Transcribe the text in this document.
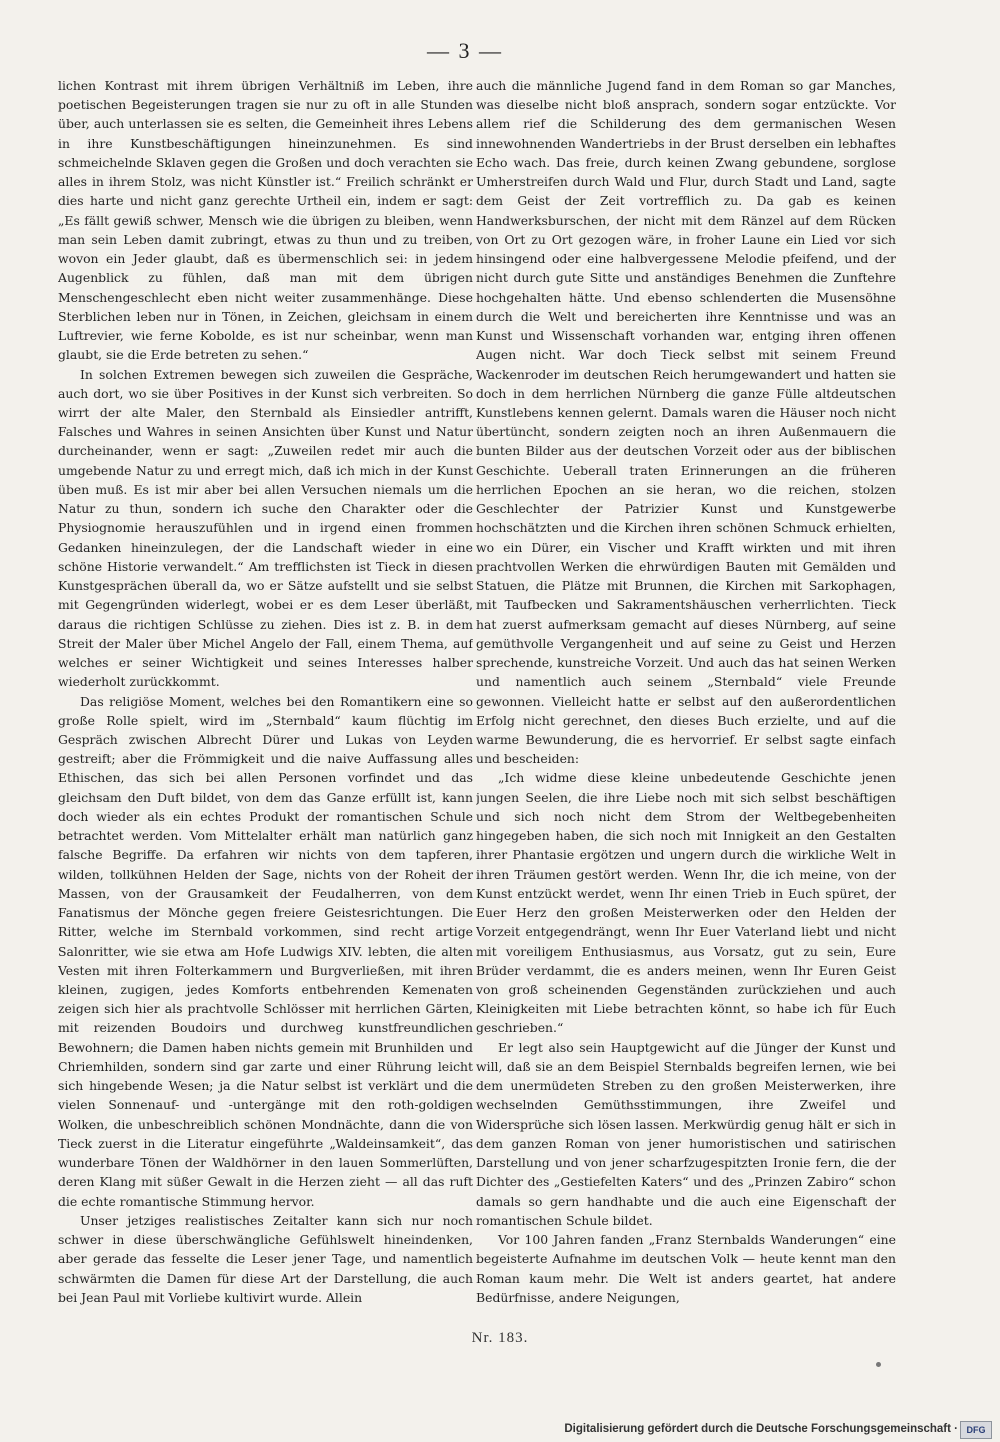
— 3 —

lichen Kontrast mit ihrem übrigen Verhältniß im Leben, ihre poetischen Begeisterungen tragen sie nur zu oft in alle Stunden über, auch unterlassen sie es selten, die Gemeinheit ihres Lebens in ihre Kunstbeschäftigungen hineinzunehmen. Es sind schmeichelnde Sklaven gegen die Großen und doch verachten sie alles in ihrem Stolz, was nicht Künstler ist.“ Freilich schränkt er dies harte und nicht ganz gerechte Urtheil ein, indem er sagt: „Es fällt gewiß schwer, Mensch wie die übrigen zu bleiben, wenn man sein Leben damit zubringt, etwas zu thun und zu treiben, wovon ein Jeder glaubt, daß es übermenschlich sei: in jedem Augenblick zu fühlen, daß man mit dem übrigen Menschengeschlecht eben nicht weiter zusammenhänge. Diese Sterblichen leben nur in Tönen, in Zeichen, gleichsam in einem Luftrevier, wie ferne Kobolde, es ist nur scheinbar, wenn man glaubt, sie die Erde betreten zu sehen.“

In solchen Extremen bewegen sich zuweilen die Gespräche, auch dort, wo sie über Positives in der Kunst sich verbreiten. So wirrt der alte Maler, den Sternbald als Einsiedler antrifft, Falsches und Wahres in seinen Ansichten über Kunst und Natur durcheinander, wenn er sagt: „Zuweilen redet mir auch die umgebende Natur zu und erregt mich, daß ich mich in der Kunst üben muß. Es ist mir aber bei allen Versuchen niemals um die Natur zu thun, sondern ich suche den Charakter oder die Physiognomie herauszufühlen und in irgend einen frommen Gedanken hineinzulegen, der die Landschaft wieder in eine schöne Historie verwandelt.“ Am trefflichsten ist Tieck in diesen Kunstgesprächen überall da, wo er Sätze aufstellt und sie selbst mit Gegengründen widerlegt, wobei er es dem Leser überläßt, daraus die richtigen Schlüsse zu ziehen. Dies ist z. B. in dem Streit der Maler über Michel Angelo der Fall, einem Thema, auf welches er seiner Wichtigkeit und seines Interesses halber wiederholt zurückkommt.

Das religiöse Moment, welches bei den Romantikern eine so große Rolle spielt, wird im „Sternbald“ kaum flüchtig im Gespräch zwischen Albrecht Dürer und Lukas von Leyden gestreift; aber die Frömmigkeit und die naive Auffassung alles Ethischen, das sich bei allen Personen vorfindet und das gleichsam den Duft bildet, von dem das Ganze erfüllt ist, kann doch wieder als ein echtes Produkt der romantischen Schule betrachtet werden. Vom Mittelalter erhält man natürlich ganz falsche Begriffe. Da erfahren wir nichts von dem tapferen, wilden, tollkühnen Helden der Sage, nichts von der Roheit der Massen, von der Grausamkeit der Feudalherren, von dem Fanatismus der Mönche gegen freiere Geistesrichtungen. Die Ritter, welche im Sternbald vorkommen, sind recht artige Salonritter, wie sie etwa am Hofe Ludwigs XIV. lebten, die alten Vesten mit ihren Folterkammern und Burgverließen, mit ihren kleinen, zugigen, jedes Komforts entbehrenden Kemenaten zeigen sich hier als prachtvolle Schlösser mit herrlichen Gärten, mit reizenden Boudoirs und durchweg kunstfreundlichen Bewohnern; die Damen haben nichts gemein mit Brunhilden und Chriemhilden, sondern sind gar zarte und einer Rührung leicht sich hingebende Wesen; ja die Natur selbst ist verklärt und die vielen Sonnenauf- und -untergänge mit den roth-goldigen Wolken, die unbeschreiblich schönen Mondnächte, dann die von Tieck zuerst in die Literatur eingeführte „Waldeinsamkeit“, das wunderbare Tönen der Waldhörner in den lauen Sommerlüften, deren Klang mit süßer Gewalt in die Herzen zieht — all das ruft die echte romantische Stimmung hervor.

Unser jetziges realistisches Zeitalter kann sich nur noch schwer in diese überschwängliche Gefühlswelt hineindenken, aber gerade das fesselte die Leser jener Tage, und namentlich schwärmten die Damen für diese Art der Darstellung, die auch bei Jean Paul mit Vorliebe kultivirt wurde. Allein

auch die männliche Jugend fand in dem Roman so gar Manches, was dieselbe nicht bloß ansprach, sondern sogar entzückte. Vor allem rief die Schilderung des dem germanischen Wesen innewohnenden Wandertriebs in der Brust derselben ein lebhaftes Echo wach. Das freie, durch keinen Zwang gebundene, sorglose Umherstreifen durch Wald und Flur, durch Stadt und Land, sagte dem Geist der Zeit vortrefflich zu. Da gab es keinen Handwerksburschen, der nicht mit dem Ränzel auf dem Rücken von Ort zu Ort gezogen wäre, in froher Laune ein Lied vor sich hinsingend oder eine halbvergessene Melodie pfeifend, und der nicht durch gute Sitte und anständiges Benehmen die Zunftehre hochgehalten hätte. Und ebenso schlenderten die Musensöhne durch die Welt und bereicherten ihre Kenntnisse und was an Kunst und Wissenschaft vorhanden war, entging ihren offenen Augen nicht. War doch Tieck selbst mit seinem Freund Wackenroder im deutschen Reich herumgewandert und hatten sie doch in dem herrlichen Nürnberg die ganze Fülle altdeutschen Kunstlebens kennen gelernt. Damals waren die Häuser noch nicht übertüncht, sondern zeigten noch an ihren Außenmauern die bunten Bilder aus der deutschen Vorzeit oder aus der biblischen Geschichte. Ueberall traten Erinnerungen an die früheren herrlichen Epochen an sie heran, wo die reichen, stolzen Geschlechter der Patrizier Kunst und Kunstgewerbe hochschätzten und die Kirchen ihren schönen Schmuck erhielten, wo ein Dürer, ein Vischer und Krafft wirkten und mit ihren prachtvollen Werken die ehrwürdigen Bauten mit Gemälden und Statuen, die Plätze mit Brunnen, die Kirchen mit Sarkophagen, mit Taufbecken und Sakramentshäuschen verherrlichten. Tieck hat zuerst aufmerksam gemacht auf dieses Nürnberg, auf seine gemüthvolle Vergangenheit und auf seine zu Geist und Herzen sprechende, kunstreiche Vorzeit. Und auch das hat seinen Werken und namentlich auch seinem „Sternbald“ viele Freunde gewonnen. Vielleicht hatte er selbst auf den außerordentlichen Erfolg nicht gerechnet, den dieses Buch erzielte, und auf die warme Bewunderung, die es hervorrief. Er selbst sagte einfach und bescheiden:

„Ich widme diese kleine unbedeutende Geschichte jenen jungen Seelen, die ihre Liebe noch mit sich selbst beschäftigen und sich noch nicht dem Strom der Weltbegebenheiten hingegeben haben, die sich noch mit Innigkeit an den Gestalten ihrer Phantasie ergötzen und ungern durch die wirkliche Welt in ihren Träumen gestört werden. Wenn Ihr, die ich meine, von der Kunst entzückt werdet, wenn Ihr einen Trieb in Euch spüret, der Euer Herz den großen Meisterwerken oder den Helden der Vorzeit entgegendrängt, wenn Ihr Euer Vaterland liebt und nicht mit voreiligem Enthusiasmus, aus Vorsatz, gut zu sein, Eure Brüder verdammt, die es anders meinen, wenn Ihr Euren Geist von groß scheinenden Gegenständen zurückziehen und auch Kleinigkeiten mit Liebe betrachten könnt, so habe ich für Euch geschrieben.“

Er legt also sein Hauptgewicht auf die Jünger der Kunst und will, daß sie an dem Beispiel Sternbalds begreifen lernen, wie bei dem unermüdeten Streben zu den großen Meisterwerken, ihre wechselnden Gemüthsstimmungen, ihre Zweifel und Widersprüche sich lösen lassen. Merkwürdig genug hält er sich in dem ganzen Roman von jener humoristischen und satirischen Darstellung und von jener scharfzugespitzten Ironie fern, die der Dichter des „Gestiefelten Katers“ und des „Prinzen Zabiro“ schon damals so gern handhabte und die auch eine Eigenschaft der romantischen Schule bildet.

Vor 100 Jahren fanden „Franz Sternbalds Wanderungen“ eine begeisterte Aufnahme im deutschen Volk — heute kennt man den Roman kaum mehr. Die Welt ist anders geartet, hat andere Bedürfnisse, andere Neigungen,

Nr. 183.
Digitalisierung gefördert durch die Deutsche Forschungsgemeinschaft · DFG
